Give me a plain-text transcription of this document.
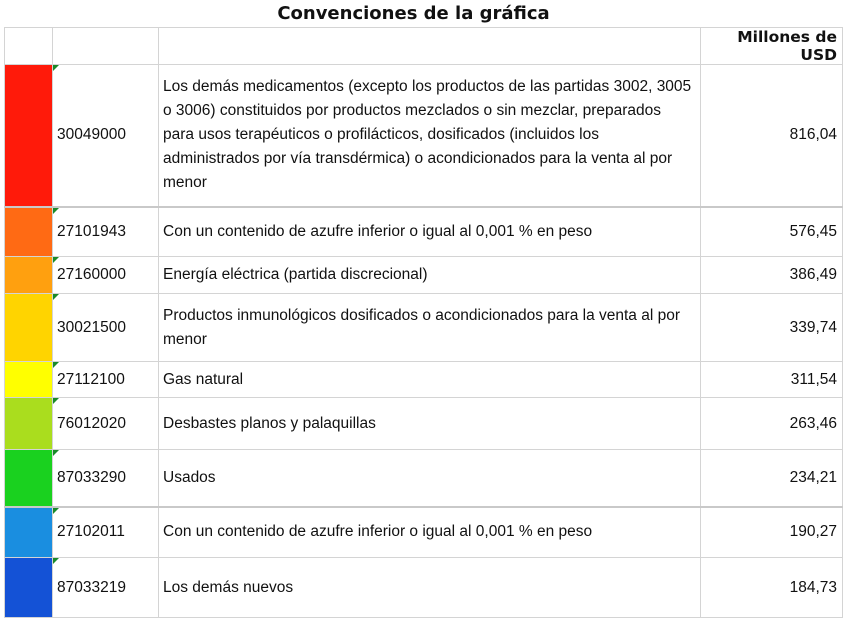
Convenciones de la gráfica
			Millones de USD

30049000	Los demás medicamentos (excepto los productos de las partidas 3002, 3005 o 3006) constituidos por productos mezclados o sin mezclar, preparados para usos terapéuticos o profilácticos, dosificados (incluidos los administrados por vía transdérmica) o acondicionados para la venta al por menor	816,04

27101943	Con un contenido de azufre inferior o igual al 0,001 % en peso	576,45

27160000	Energía eléctrica (partida discrecional)	386,49

30021500	Productos inmunológicos dosificados o acondicionados para la venta al por menor	339,74

27112100	Gas natural	311,54

76012020	Desbastes planos y palaquillas	263,46

87033290	Usados	234,21

27102011	Con un contenido de azufre inferior o igual al 0,001 % en peso	190,27

87033219	Los demás nuevos	184,73
